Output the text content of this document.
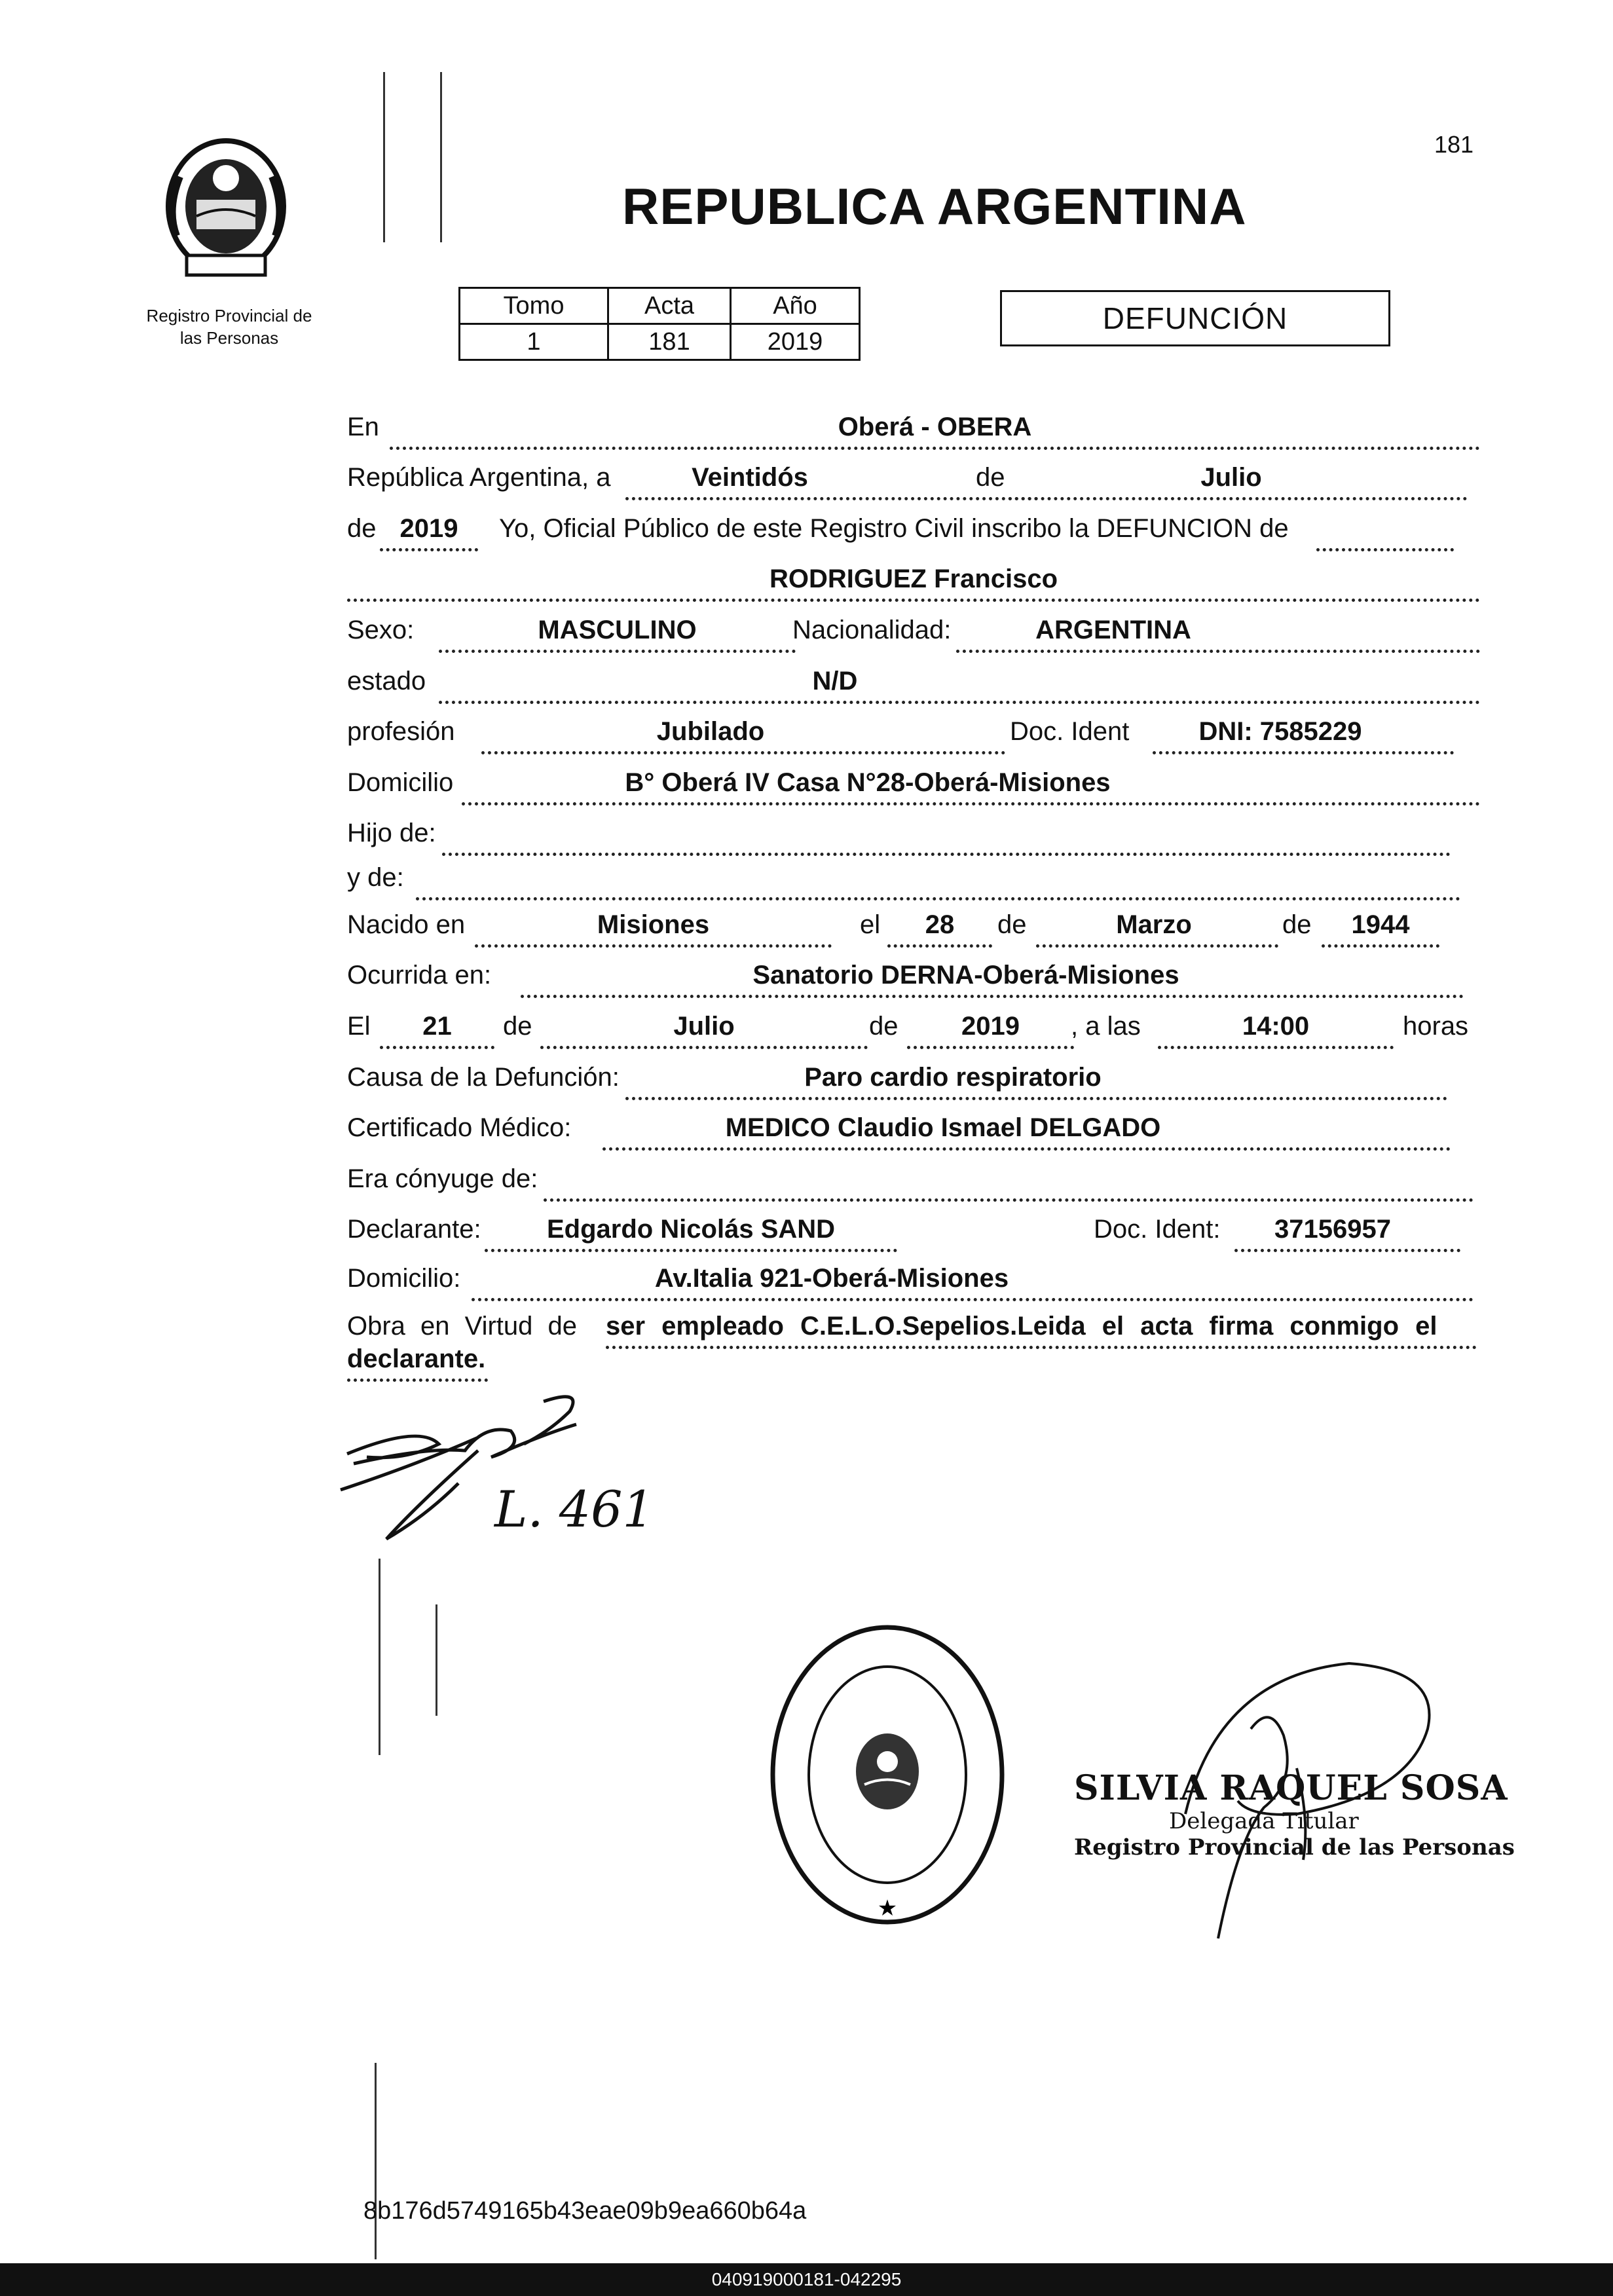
181
REPUBLICA ARGENTINA
Registro Provincial de
las Personas
Tomo	Acta	Año
1	181	2019
DEFUNCIÓN
En	Oberá - OBERA
República Argentina, a	Veintidós	de	Julio
de 2019	Yo, Oficial Público de este Registro Civil inscribo la DEFUNCION de
RODRIGUEZ Francisco
Sexo:	MASCULINO	Nacionalidad:	ARGENTINA
estado	N/D
profesión	Jubilado	Doc. Ident	DNI: 7585229
Domicilio	B° Oberá IV Casa N°28-Oberá-Misiones
Hijo de:
y de:
Nacido en	Misiones	el	28	de	Marzo	de	1944
Ocurrida en:	Sanatorio DERNA-Oberá-Misiones
El	21	de	Julio	de	2019	, a las	14:00	horas
Causa de la Defunción:	Paro cardio respiratorio
Certificado Médico:	MEDICO Claudio Ismael DELGADO
Era cónyuge de:
Declarante:	Edgardo Nicolás SAND	Doc. Ident:	37156957
Domicilio:	Av.Italia 921-Oberá-Misiones
Obra en Virtud de ser empleado C.E.L.O.Sepelios.Leida el acta firma conmigo el
declarante.
L. 461
★
SILVIA RAQUEL SOSA
Delegada Titular
Registro Provincial de las Personas
8b176d5749165b43eae09b9ea660b64a
040919000181-042295
